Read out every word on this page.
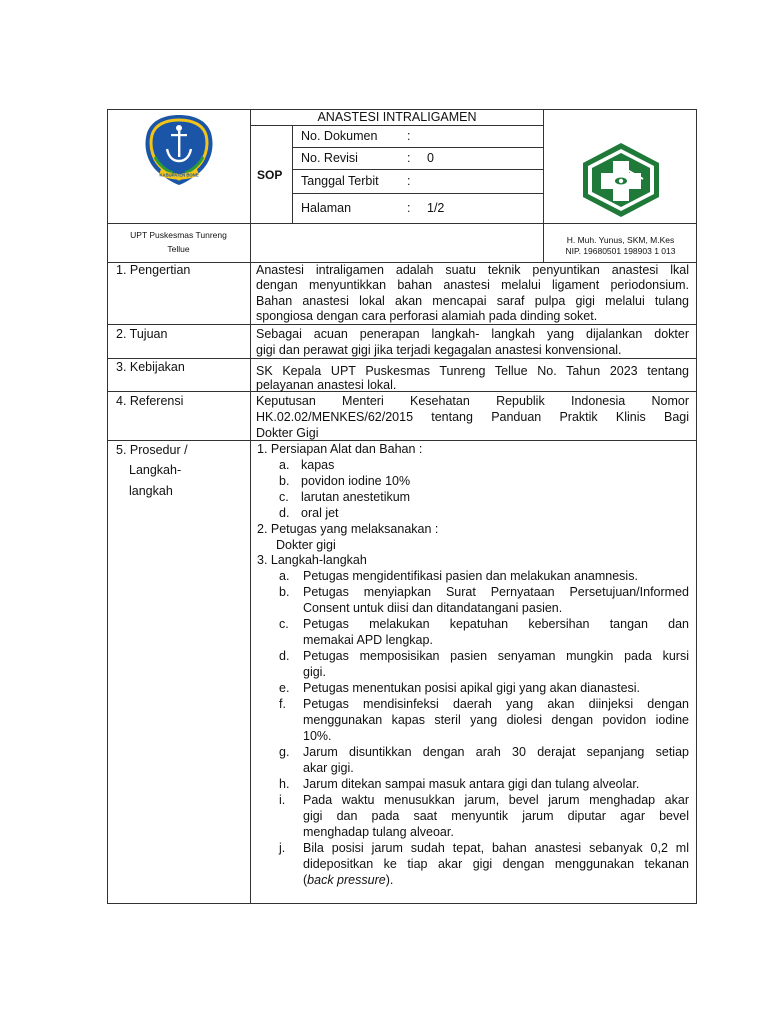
KABUPATEN BONE
ANASTESI INTRALIGAMEN
SOP
No. Dokumen :
No. Revisi	: 0
Tanggal Terbit :
Halaman	: 1/2
UPT Puskesmas Tunreng
Tellue
H. Muh. Yunus, SKM, M.Kes
NIP. 19680501 198903 1 013
1. Pengertian	Anastesi intraligamen adalah suatu teknik penyuntikan anastesi lkal
dengan menyuntikkan bahan anastesi melalui ligament periodonsium.
Bahan anastesi lokal akan mencapai saraf pulpa gigi melalui tulang
spongiosa dengan cara perforasi alamiah pada dinding soket.
2. Tujuan	Sebagai acuan penerapan langkah- langkah yang dijalankan dokter
gigi dan perawat gigi jika terjadi kegagalan anastesi konvensional.
3. Kebijakan	SK Kepala UPT Puskesmas Tunreng Tellue No. Tahun 2023 tentang
pelayanan anastesi lokal.
4. Referensi	Keputusan Menteri Kesehatan Republik Indonesia Nomor
HK.02.02/MENKES/62/2015 tentang Panduan Praktik Klinis Bagi
Dokter Gigi
5. Prosedur /
Langkah-
langkah
1. Persiapan Alat dan Bahan :
a. kapas
b. povidon iodine 10%
c. larutan anestetikum
d. oral jet
2. Petugas yang melaksanakan :
Dokter gigi
3. Langkah-langkah
a. Petugas mengidentifikasi pasien dan melakukan anamnesis.
b. Petugas menyiapkan Surat Pernyataan Persetujuan/Informed
Consent untuk diisi dan ditandatangani pasien.
c. Petugas melakukan kepatuhan kebersihan tangan dan
memakai APD lengkap.
d. Petugas memposisikan pasien senyaman mungkin pada kursi
gigi.
e. Petugas menentukan posisi apikal gigi yang akan dianastesi.
f. Petugas mendisinfeksi daerah yang akan diinjeksi dengan
menggunakan kapas steril yang diolesi dengan povidon iodine
10%.
g. Jarum disuntikkan dengan arah 30 derajat sepanjang setiap
akar gigi.
h. Jarum ditekan sampai masuk antara gigi dan tulang alveolar.
i. Pada waktu menusukkan jarum, bevel jarum menghadap akar
gigi dan pada saat menyuntik jarum diputar agar bevel
menghadap tulang alveoar.
j. Bila posisi jarum sudah tepat, bahan anastesi sebanyak 0,2 ml
didepositkan ke tiap akar gigi dengan menggunakan tekanan
(back pressure).
